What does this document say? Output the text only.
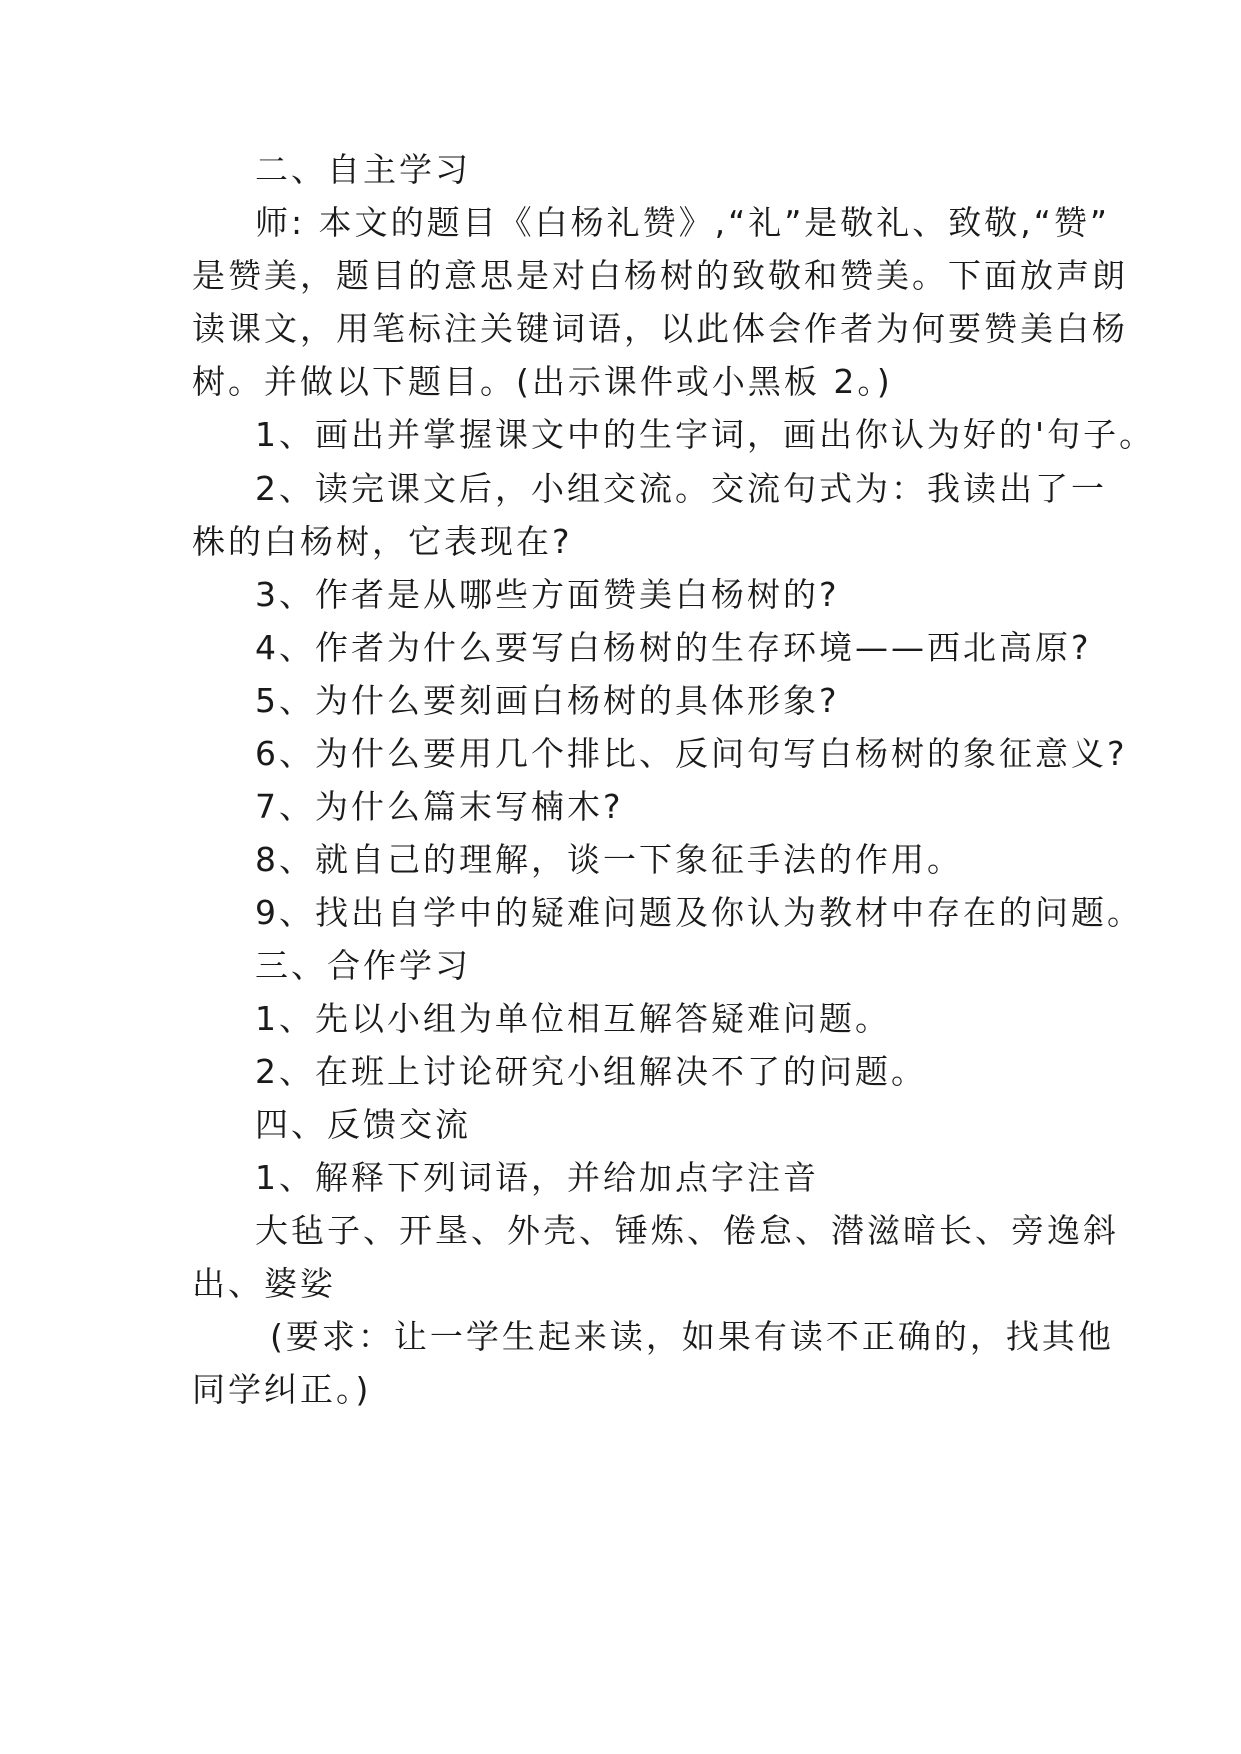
二、自主学习

师: 本文的题目《白杨礼赞》,“礼”是敬礼、致敬,“赞”

是赞美，题目的意思是对白杨树的致敬和赞美。下面放声朗

读课文，用笔标注关键词语，以此体会作者为何要赞美白杨

树。并做以下题目。(出示课件或小黑板 2。)

1、画出并掌握课文中的生字词，画出你认为好的'句子。

2、读完课文后，小组交流。交流句式为：我读出了一

株的白杨树，它表现在?

3、作者是从哪些方面赞美白杨树的?

4、作者为什么要写白杨树的生存环境——西北高原?

5、为什么要刻画白杨树的具体形象?

6、为什么要用几个排比、反问句写白杨树的象征意义?

7、为什么篇末写楠木?

8、就自己的理解，谈一下象征手法的作用。

9、找出自学中的疑难问题及你认为教材中存在的问题。

三、合作学习

1、先以小组为单位相互解答疑难问题。

2、在班上讨论研究小组解决不了的问题。

四、反馈交流

1、解释下列词语，并给加点字注音

大毡子、开垦、外壳、锤炼、倦怠、潜滋暗长、旁逸斜

出、婆娑

(要求：让一学生起来读，如果有读不正确的，找其他

同学纠正。)
